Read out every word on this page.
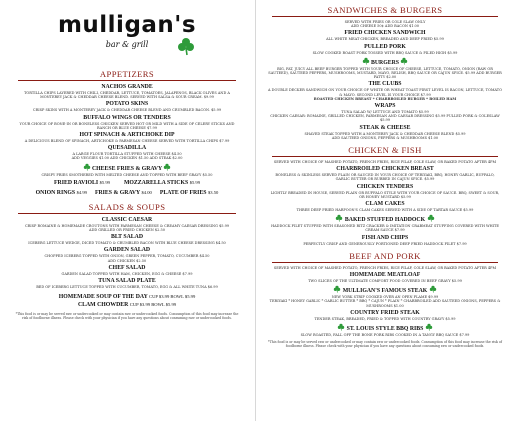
mulligan's
bar & grill
APPETIZERS
NACHOS GRANDE
TORTILLA CHIPS LAYERED WITH CHILI, CHEDDAR, LETTUCE, TOMATOES, JALAPENOS, BLACK OLIVES AND A MONTEREY JACK & CHEDDAR CHEESE BLEND. SERVED WITH SALSA & SOUR CREAM. $9.99
POTATO SKINS
CRISP SKINS WITH A MONTEREY JACK & CHEDDAR CHEESE BLEND AND CRUMBLED BACON. $5.99
BUFFALO WINGS OR TENDERS
YOUR CHOICE OF BONE-IN OR BONELESS CHICKEN SERVED HOT OR MILD WITH A SIDE OF CELERY STICKS AND RANCH OR BLUE CHEESE $7.99
HOT SPINACH & ARTICHOKE DIP
A DELICIOUS BLEND OF SPINACH, ARTICHOKE & PARMESAN CHEESE SERVED WITH TORTILLA CHIPS $7.99
QUESADILLA
A LARGE FLOUR TORTILLA STUFFED WITH CHEESE $4.50
ADD VEGGIES $1.00 ADD CHICKEN $1.50 ADD STEAK $2.00
CHEESE FRIES & GRAVY
CRISPY FRIES SMOTHERED WITH MELTED CHEESE AND TOPPED WITH BEEF GRAVY $5.50
FRIED RAVIOLI $5.99 MOZZARELLA STICKS $5.99
ONION RINGS $4.99 FRIES & GRAVY $4.00 PLATE OF FRIES $3.50
SALADS & SOUPS
CLASSIC CAESAR
CRISP ROMAINE & HOMEMADE CROUTONS WITH PARMESAN CHEESE & CREAMY CAESAR DRESSING $5.99
ADD GRILLED OR FRIED CHICKEN $2.50
BLT SALAD
ICEBERG LETTUCE WEDGE, DICED TOMATO & CRUMBLED BACON WITH BLUE CHEESE DRESSING $4.50
GARDEN SALAD
CHOPPED ICEBERG TOPPED WITH ONION, GREEN PEPPER, TOMATO, CUCUMBER $4.50
ADD CHICKEN $2.50
CHEF SALAD
GARDEN SALAD TOPPED WITH HAM, CHICKEN, EGG & CHEESE $7.99
TUNA SALAD PLATE
BED OF ICEBERG LETTUCE TOPPED WITH CUCUMBER, TOMATO, EGG & ALL WHITE TUNA $6.99
HOMEMADE SOUP OF THE DAY CUP $3.99 BOWL $5.99
CLAM CHOWDER CUP $3.99 BOWL $5.99
*This food is or may be served raw or undercooked or may contain raw or undercooked foods. Consumption of this food may increase the risk of foodborne illness. Please check with your physician if you have any questions about consuming raw or undercooked foods.
SANDWICHES & BURGERS
SERVED WITH FRIES OR COLE SLAW ONLY
ADD CHEESE 50¢ ADD BACON $1.00
FRIED CHICKEN SANDWICH
ALL WHITE MEAT CHICKEN, BREADED AND DEEP FRIED $5.99
PULLED PORK
SLOW COOKED ROAST PORK TOSSED WITH BBQ SAUCE & PILED HIGH $5.99
BURGERS
BIG, FAT, JUICY ALL BEEF BURGER TOPPED WITH YOUR CHOICE OF CHEESE, LETTUCE, TOMATO, ONION (RAW OR SAUTEED), SAUTEED PEPPERS, MUSHROOMS, MUSTARD, MAYO, RELISH, BBQ SAUCE OR CAJUN SPICE. $5.99 ADD BURGER PATTY $2.00
THE CLUBS
A DOUBLE DECKER SANDWICH ON YOUR CHOICE OF WHITE OR WHEAT TOAST FIRST LEVEL IS BACON, LETTUCE, TOMATO & MAYO. SECOND LEVEL IS YOUR CHOICE $7.99
ROASTED CHICKEN BREAST * CHARBROILED BURGER * BOILED HAM
WRAPS
TUNA SALAD W/ LETTUCE AND TOMATO $5.99
CHICKEN CAESAR: ROMAINE, GRILLED CHICKEN, PARMESAN AND CAESAR DRESSING $5.99 PULLED PORK & COLESLAW $5.99
STEAK & CHEESE
SHAVED STEAK TOPPED WITH A MONTEREY JACK & CHEDDAR CHEESE BLEND $5.99
ADD SAUTEED ONIONS, PEPPERS & MUSHROOMS $1.00
CHICKEN & FISH
SERVED WITH CHOICE OF MASHED POTATO, FRENCH FRIES, RICE PILAF, COLE SLAW, OR BAKED POTATO AFTER 4PM
CHARBROILED CHICKEN BREAST
BONELESS & SKINLESS SERVED PLAIN OR SAUCED IN YOUR CHOICE OF TERIYAKI, BBQ, HONEY GARLIC, BUFFALO, GARLIC BUTTER OR RUBBED IN CAJUN SPICE. $5.99
CHICKEN TENDERS
LIGHTLY BREADED IN HOUSE, SERVED PLAIN OR BUFFALO STYLE WITH YOUR CHOICE OF SAUCE. BBQ, SWEET & SOUR, OR HONEY MUSTARD $5.99
CLAM CAKES
THREE DEEP FRIED HARPOON'S CLAM CAKES SERVED WITH A SIDE OF TARTAR SAUCE $5.99
BAKED STUFFED HADDOCK
HADDOCK FILET STUFFED WITH SEASONED RITZ CRACKER & IMITATION CRABMEAT STUFFING COVERED WITH WHITE CREAM SAUCE $7.99
FISH AND CHIPS
PERFECTLY CRISP AND GENEROUSLY PORTIONED DEEP FRIED HADDOCK FILET $7.99
BEEF AND PORK
SERVED WITH CHOICE OF MASHED POTATO, FRENCH FRIES, RICE PILAF, COLE SLAW, OR BAKED POTATO AFTER 4PM
HOMEMADE MEATLOAF
TWO SLICES OF THE ULTIMATE COMFORT FOOD COVERED IN BEEF GRAVY $5.99
MULLIGAN'S FAMOUS STEAK
NEW YORK STRIP COOKED OVER AN OPEN FLAME $9.99
TERIYAKI * HONEY GARLIC * GARLIC BUTTER * BBQ * CAJUN * PLAIN * CHARBROILED ADD SAUTEED ONIONS, PEPPERS & MUSHROOMS $1.00
COUNTRY FRIED STEAK
TENDER STEAK, BREADED, FRIED & TOPPED WITH COUNTRY GRAVY $5.99
ST. LOUIS STYLE BBQ RIBS
SLOW ROASTED, FALL OFF THE BONE PORK RIBS COOKED IN A TANGY BBQ SAUCE $7.99
*This food is or may be served raw or undercooked or may contain raw or undercooked foods. Consumption of this food may increase the risk of foodborne illness. Please check with your physician if you have any questions about consuming raw or undercooked foods.
